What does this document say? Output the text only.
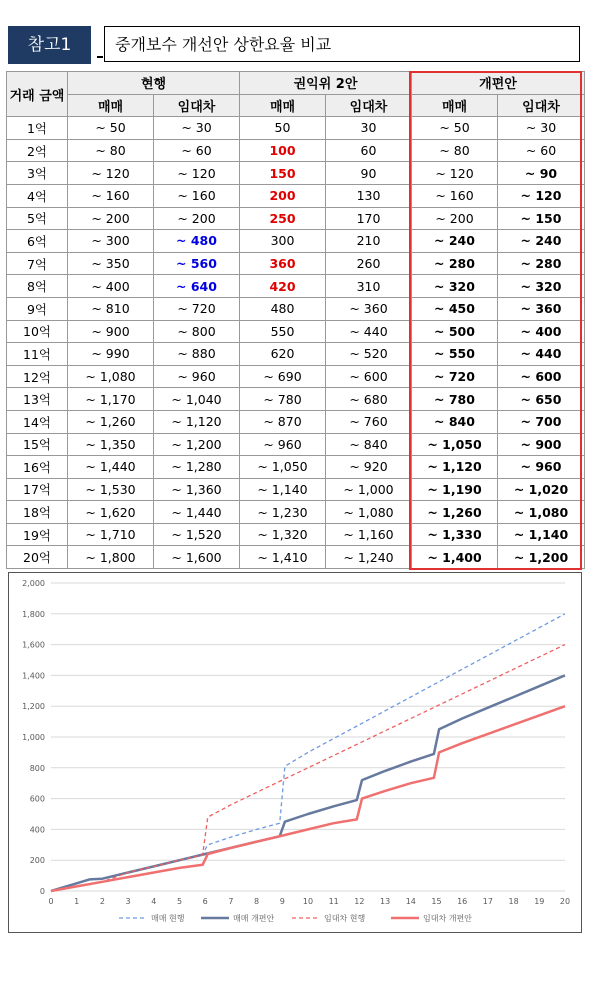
참고1	중개보수 개선안 상한요율 비교
거래 금액	현행		권익위 2안		개편안	
	매매	임대차	매매	임대차	매매	임대차
1억	~ 50	~ 30	50	30	~ 50	~ 30
2억	~ 80	~ 60	100	60	~ 80	~ 60
3억	~ 120	~ 120	150	90	~ 120	~ 90
4억	~ 160	~ 160	200	130	~ 160	~ 120
5억	~ 200	~ 200	250	170	~ 200	~ 150
6억	~ 300	~ 480	300	210	~ 240	~ 240
7억	~ 350	~ 560	360	260	~ 280	~ 280
8억	~ 400	~ 640	420	310	~ 320	~ 320
9억	~ 810	~ 720	480	~ 360	~ 450	~ 360
10억	~ 900	~ 800	550	~ 440	~ 500	~ 400
11억	~ 990	~ 880	620	~ 520	~ 550	~ 440
12억	~ 1,080	~ 960	~ 690	~ 600	~ 720	~ 600
13억	~ 1,170	~ 1,040	~ 780	~ 680	~ 780	~ 650
14억	~ 1,260	~ 1,120	~ 870	~ 760	~ 840	~ 700
15억	~ 1,350	~ 1,200	~ 960	~ 840	~ 1,050	~ 900
16억	~ 1,440	~ 1,280	~ 1,050	~ 920	~ 1,120	~ 960
17억	~ 1,530	~ 1,360	~ 1,140	~ 1,000	~ 1,190	~ 1,020
18억	~ 1,620	~ 1,440	~ 1,230	~ 1,080	~ 1,260	~ 1,080
19억	~ 1,710	~ 1,520	~ 1,320	~ 1,160	~ 1,330	~ 1,140
20억	~ 1,800	~ 1,600	~ 1,410	~ 1,240	~ 1,400	~ 1,200
0
200
400
600
800
1,000
1,200
1,400
1,600
1,800
2,000
0	1	2	3	4	5	6	7	8	9 10 11 12 13 14 15 16 17 18 19 20
매매 현행	매매 개편안	임대차 현행	임대차 개편안
